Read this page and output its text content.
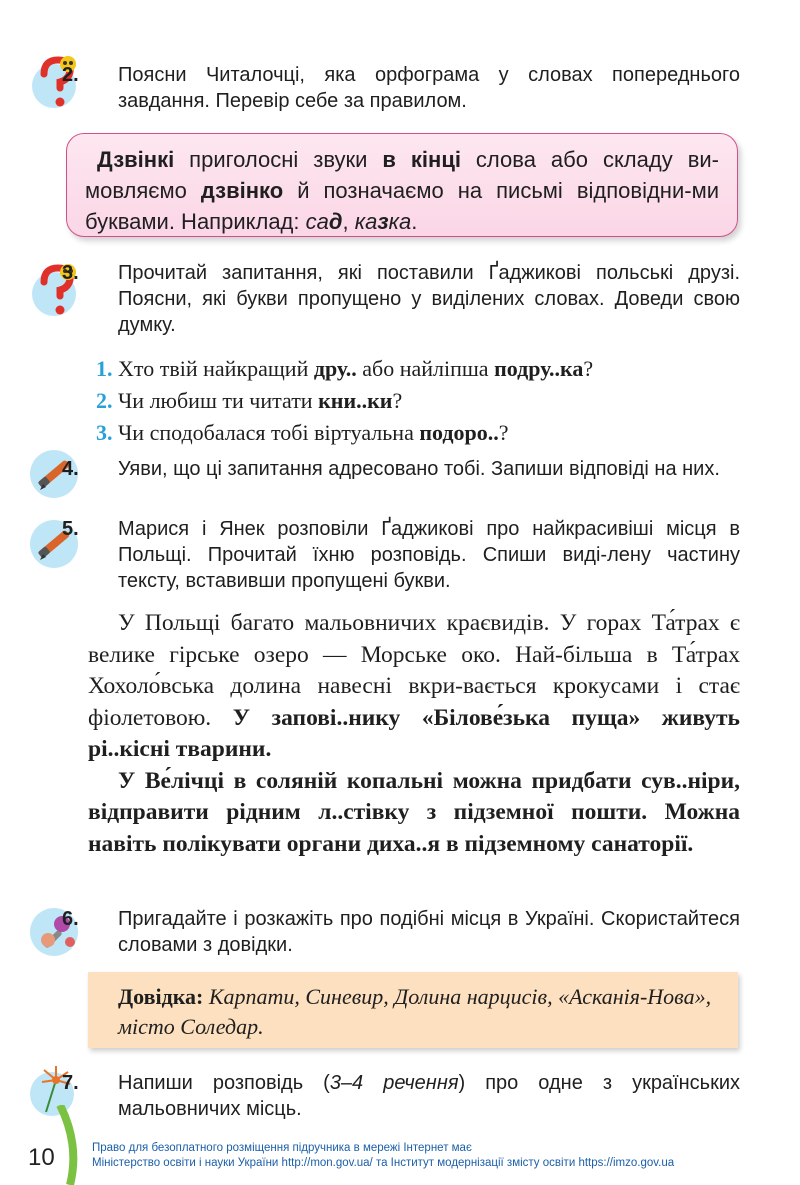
2. Поясни Читалочці, яка орфограма у словах попереднього завдання. Перевір себе за правилом.

Дзвінкі приголосні звуки в кінці слова або складу ви-мовляємо дзвінко й позначаємо на письмі відповідни-ми буквами. Наприклад: сад, казка.

3. Прочитай запитання, які поставили Ґаджикові польські друзі. Поясни, які букви пропущено у виділених словах. Доведи свою думку.
1. Хто твій найкращий дру.. або найліпша подру..ка?
2. Чи любиш ти читати кни..ки?
3. Чи сподобалася тобі віртуальна подоро..?
4. Уяви, що ці запитання адресовано тобі. Запиши відповіді на них.
5. Марися і Янек розповіли Ґаджикові про найкрасивіші місця в Польщі. Прочитай їхню розповідь. Спиши виді-лену частину тексту, вставивши пропущені букви.

У Польщі багато мальовничих краєвидів. У горах Та́трах є велике гірське озеро — Морське око. Най-більша в Та́трах Хохоло́вська долина навесні вкри-вається крокусами і стає фіолетовою. У запові..нику «Білове́зька пуща» живуть рі..кісні тварини.

У Ве́лічці в соляній копальні можна придбати сув..ніри, відправити рідним л..стівку з підземної пошти. Можна навіть полікувати органи диха..я в підземному санаторії.

6. Пригадайте і розкажіть про подібні місця в Україні. Скористайтеся словами з довідки.

Довідка: Карпати, Синевир, Долина нарцисів, «Асканія-Нова», місто Соледар.

7. Напиши розповідь (3–4 речення) про одне з українських мальовничих місць.
10	Право для безоплатного розміщення підручника в мережі Інтернет має
Міністерство освіти і науки України http://mon.gov.ua/ та Інститут модернізації змісту освіти https://imzo.gov.ua
